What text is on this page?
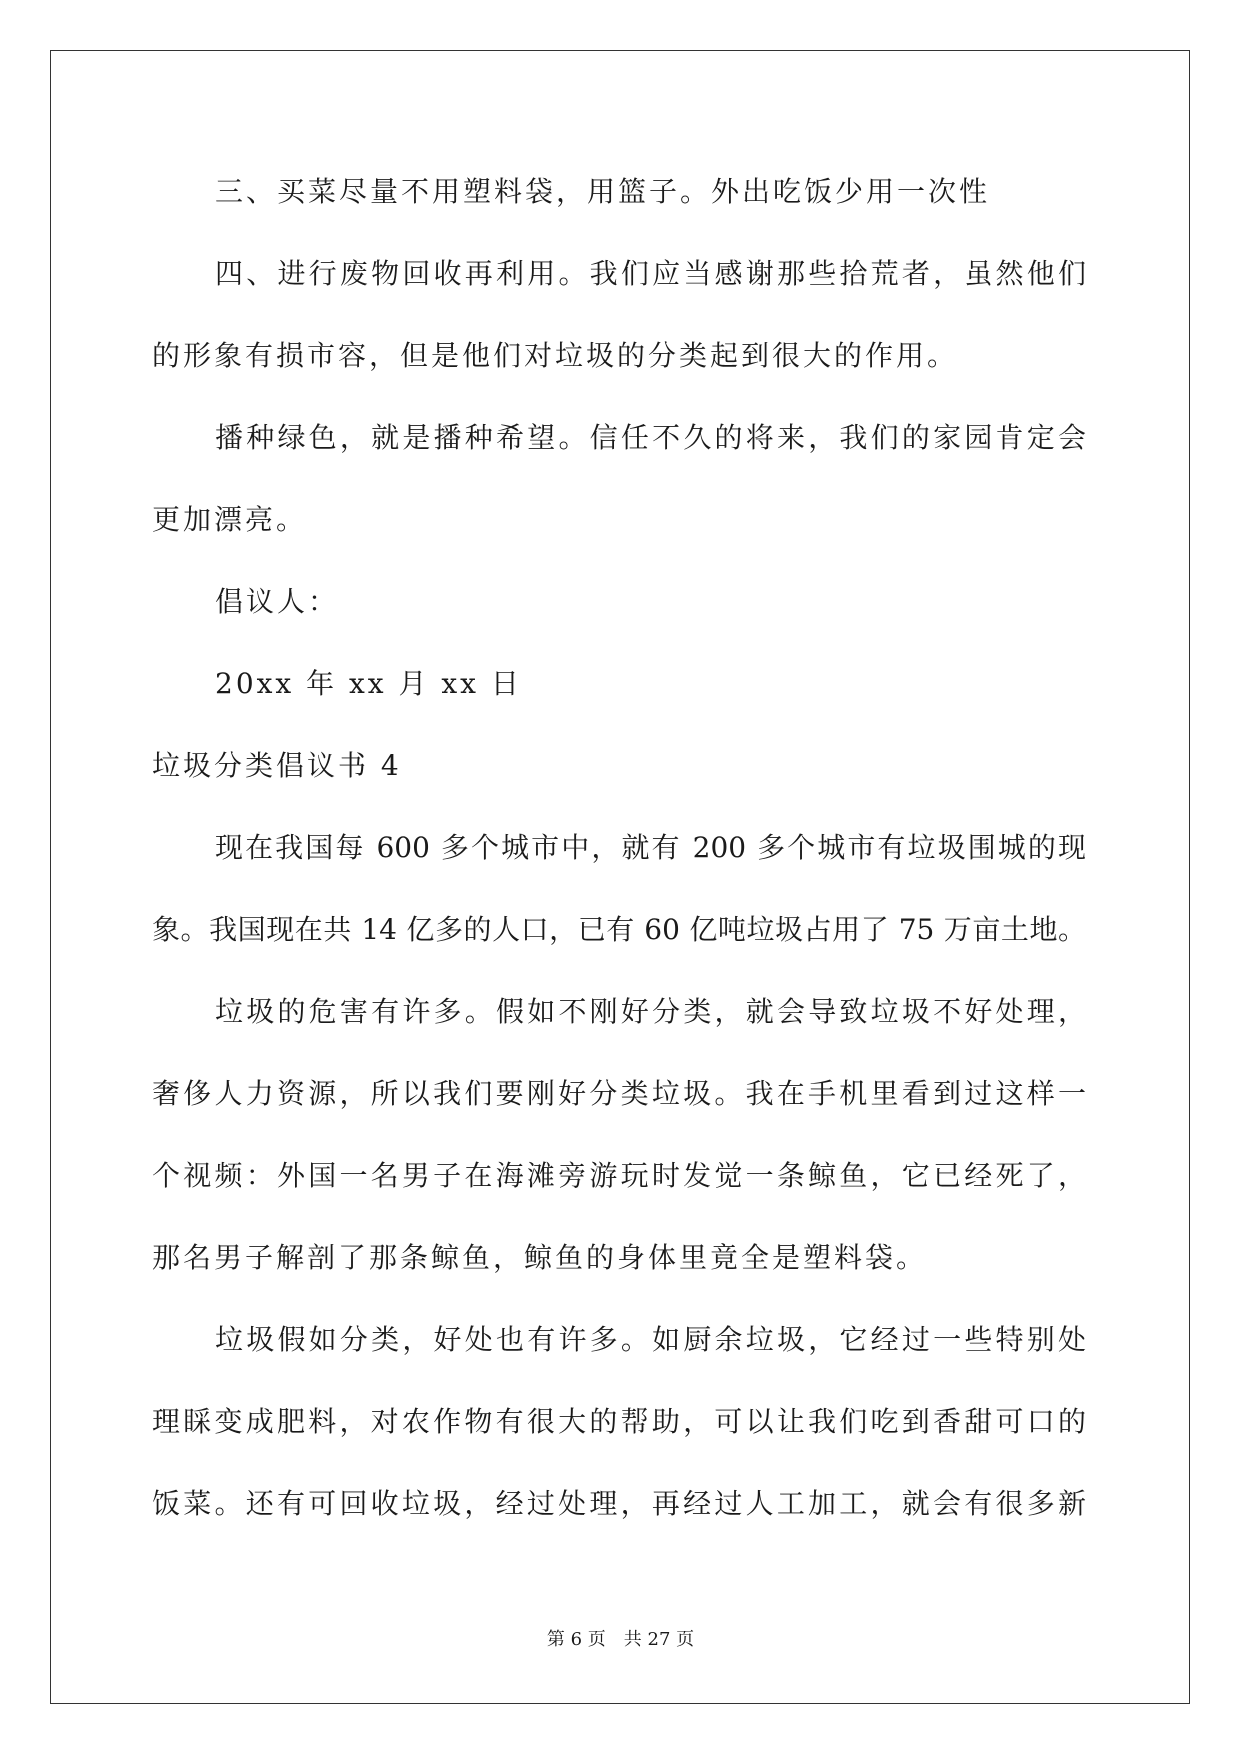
三、买菜尽量不用塑料袋，用篮子。外出吃饭少用一次性
四、进行废物回收再利用。我们应当感谢那些拾荒者，虽然他们
的形象有损市容，但是他们对垃圾的分类起到很大的作用。
播种绿色，就是播种希望。信任不久的将来，我们的家园肯定会
更加漂亮。
倡议人：
20xx 年 xx 月 xx 日
垃圾分类倡议书 4
现在我国每 600 多个城市中，就有 200 多个城市有垃圾围城的现
象。我国现在共 14 亿多的人口，已有 60 亿吨垃圾占用了 75 万亩土地。
垃圾的危害有许多。假如不刚好分类，就会导致垃圾不好处理，
奢侈人力资源，所以我们要刚好分类垃圾。我在手机里看到过这样一
个视频：外国一名男子在海滩旁游玩时发觉一条鲸鱼，它已经死了，
那名男子解剖了那条鲸鱼，鲸鱼的身体里竟全是塑料袋。
垃圾假如分类，好处也有许多。如厨余垃圾，它经过一些特别处
理睬变成肥料，对农作物有很大的帮助，可以让我们吃到香甜可口的
饭菜。还有可回收垃圾，经过处理，再经过人工加工，就会有很多新
第 6 页 共 27 页
